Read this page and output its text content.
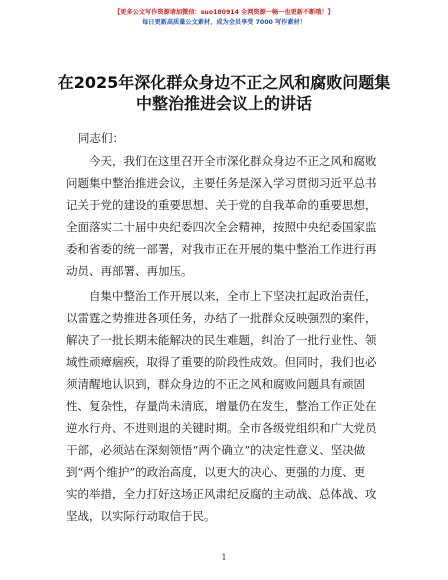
【更多公文写作资源请加微信：suo180914 全网资源一畅一也更新不断哦！】
每日更新高质量公文素材，成为会员享受 7000 写作素材！
在2025年深化群众身边不正之风和腐败问题集
中整治推进会议上的讲话
同志们：
今天，我们在这里召开全市深化群众身边不正之风和腐败
问题集中整治推进会议，主要任务是深入学习贯彻习近平总书
记关于党的建设的重要思想、关于党的自我革命的重要思想，
全面落实二十届中央纪委四次全会精神，按照中央纪委国家监
委和省委的统一部署，对我市正在开展的集中整治工作进行再
动员、再部署、再加压。
自集中整治工作开展以来，全市上下坚决扛起政治责任，
以雷霆之势推进各项任务，办结了一批群众反映强烈的案件，
解决了一批长期未能解决的民生难题，纠治了一批行业性、领
域性顽瘴痼疾，取得了重要的阶段性成效。但同时，我们也必
须清醒地认识到，群众身边的不正之风和腐败问题具有顽固
性、复杂性，存量尚未清底，增量仍在发生，整治工作正处在
逆水行舟、不进则退的关键时期。全市各级党组织和广大党员
干部，必须站在深刻领悟“两个确立”的决定性意义、坚决做
到“两个维护”的政治高度，以更大的决心、更强的力度、更
实的举措，全力打好这场正风肃纪反腐的主动战、总体战、攻
坚战，以实际行动取信于民。
1
